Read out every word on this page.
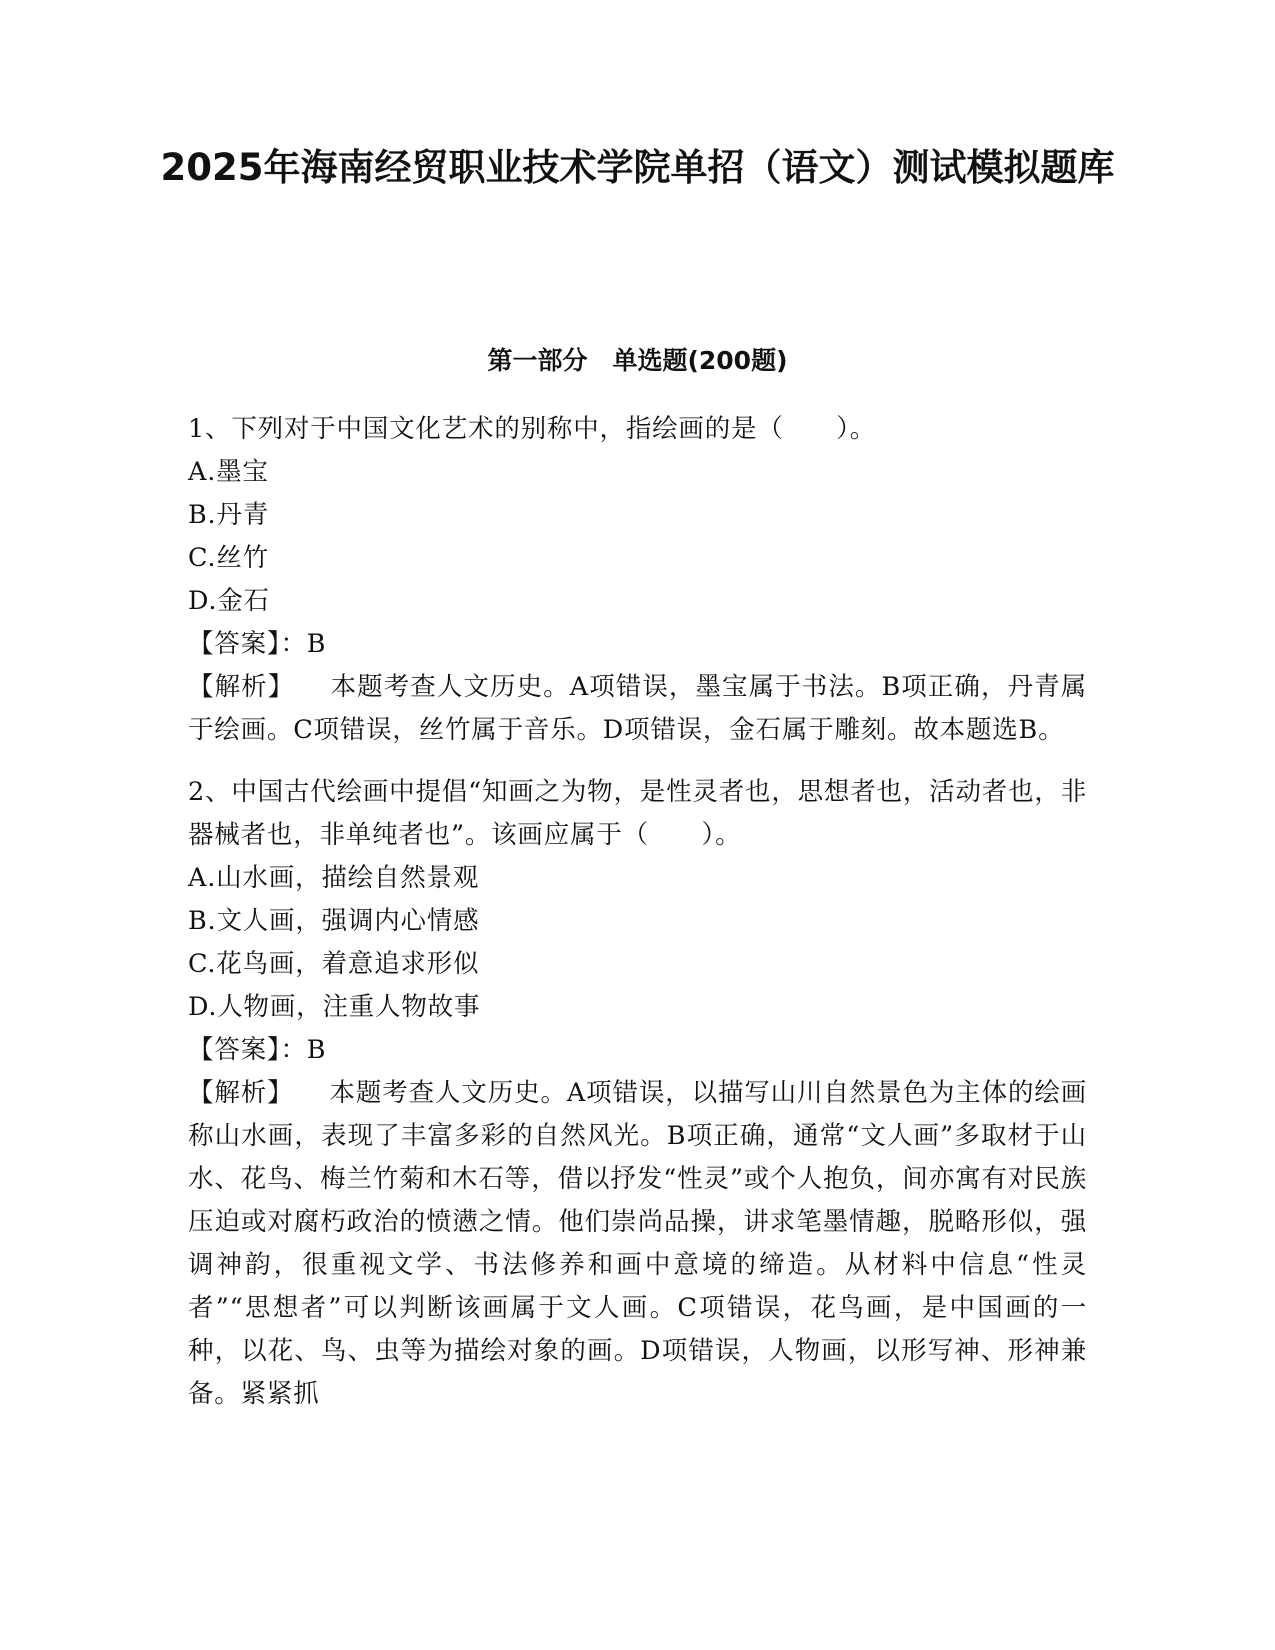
2025年海南经贸职业技术学院单招（语文）测试模拟题库
第一部分　单选题(200题)

1、下列对于中国文化艺术的别称中，指绘画的是（　　）。

A.墨宝

B.丹青

C.丝竹

D.金石

【答案】：B

【解析】 本题考查人文历史。A项错误，墨宝属于书法。B项正确，丹青属于绘画。C项错误，丝竹属于音乐。D项错误，金石属于雕刻。故本题选B。

2、中国古代绘画中提倡“知画之为物，是性灵者也，思想者也，活动者也，非器械者也，非单纯者也”。该画应属于（　　）。

A.山水画，描绘自然景观

B.文人画，强调内心情感

C.花鸟画，着意追求形似

D.人物画，注重人物故事

【答案】：B

【解析】 本题考查人文历史。A项错误，以描写山川自然景色为主体的绘画称山水画，表现了丰富多彩的自然风光。B项正确，通常“文人画”多取材于山水、花鸟、梅兰竹菊和木石等，借以抒发“性灵”或个人抱负，间亦寓有对民族压迫或对腐朽政治的愤懑之情。他们崇尚品操，讲求笔墨情趣，脱略形似，强调神韵，很重视文学、书法修养和画中意境的缔造。从材料中信息“性灵者”“思想者”可以判断该画属于文人画。C项错误，花鸟画，是中国画的一种，以花、鸟、虫等为描绘对象的画。D项错误，人物画，以形写神、形神兼备。紧紧抓
